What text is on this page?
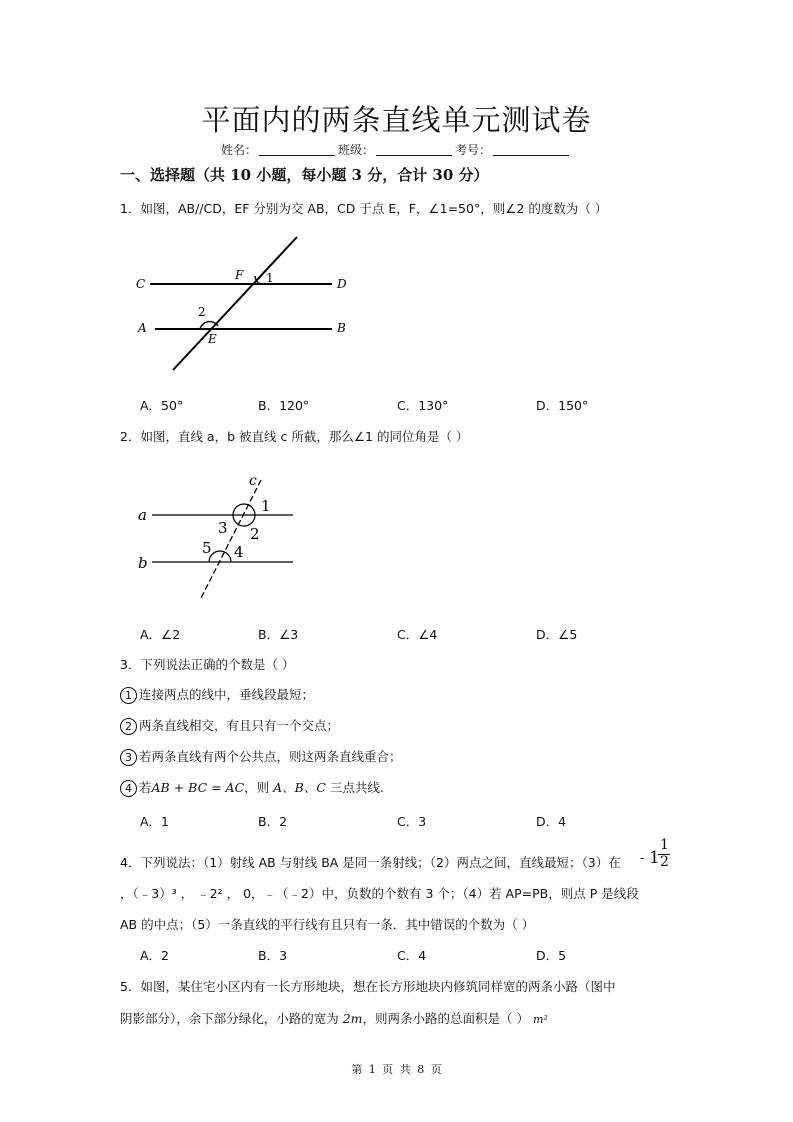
平面内的两条直线单元测试卷
姓名：	班级：	考号：
一、选择题（共 10 小题，每小题 3 分，合计 30 分）
1．如图，AB//CD，EF 分别为交 AB，CD 于点 E，F，∠1=50°，则∠2 的度数为（ ）
C	D
A	B
F
E
1
2
A．50°	B．120°	C．130°	D．150°
2．如图，直线 a，b 被直线 c 所截，那么∠1 的同位角是（ ）
a
b
c
1
2
3
4
5
A．∠2	B．∠3	C．∠4	D．∠5
3．下列说法正确的个数是（ ）
1 连接两点的线中，垂线段最短；
2 两条直线相交，有且只有一个交点；
3 若两条直线有两个公共点，则这两条直线重合；
4 若AB + BC = AC，则 A、B、C 三点共线.
A．1	B．2	C．3	D．4
4．下列说法：（1）射线 AB 与射线 BA 是同一条射线；（2）两点之间，直线最短；（3）在 - 1
1
2
，（﹣3）³ ， ﹣2² ， 0，﹣（﹣2）中，负数的个数有 3 个；（4）若 AP=PB，则点 P 是线段
AB 的中点；（5）一条直线的平行线有且只有一条．其中错误的个数为（ ）
A．2	B．3	C．4	D．5
5．如图，某住宅小区内有一长方形地块，想在长方形地块内修筑同样宽的两条小路（图中
阴影部分），余下部分绿化，小路的宽为 2m，则两条小路的总面积是（ ） m²
第 1 页 共 8 页
